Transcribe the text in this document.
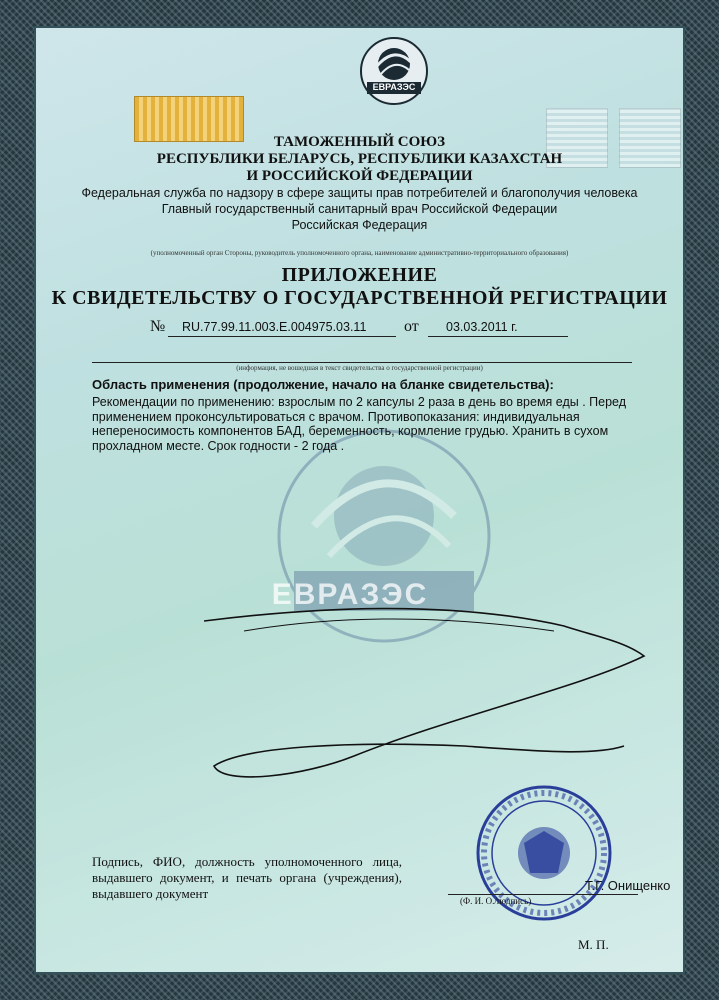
ЕВРАЗЭС
ЕВРАЗЭС
ТАМОЖЕННЫЙ СОЮЗ
РЕСПУБЛИКИ БЕЛАРУСЬ, РЕСПУБЛИКИ КАЗАХСТАН
И РОССИЙСКОЙ ФЕДЕРАЦИИ
Федеральная служба по надзору в сфере защиты прав потребителей и благополучия человека
Главный государственный санитарный врач Российской Федерации
Российская Федерация
(уполномоченный орган Стороны, руководитель уполномоченного органа, наименование административно-территориального образования)
ПРИЛОЖЕНИЕ
К СВИДЕТЕЛЬСТВУ О ГОСУДАРСТВЕННОЙ РЕГИСТРАЦИИ
№ RU.77.99.11.003.Е.004975.03.11 от 03.03.2011 г.
(информация, не вошедшая в текст свидетельства о государственной регистрации)
Область применения (продолжение, начало на бланке свидетельства):
Рекомендации по применению: взрослым по 2 капсулы 2 раза в день во время еды . Перед применением проконсультироваться с врачом. Противопоказания: индивидуальная непереносимость компонентов БАД, беременность, кормление грудью. Хранить в сухом прохладном месте. Срок годности - 2 года .
Подпись, ФИО, должность уполномоченного лица, выдавшего документ, и печать органа (учреждения), выдавшего документ
Т.Г. Онищенко
(Ф. И. О./подпись)
М. П.
